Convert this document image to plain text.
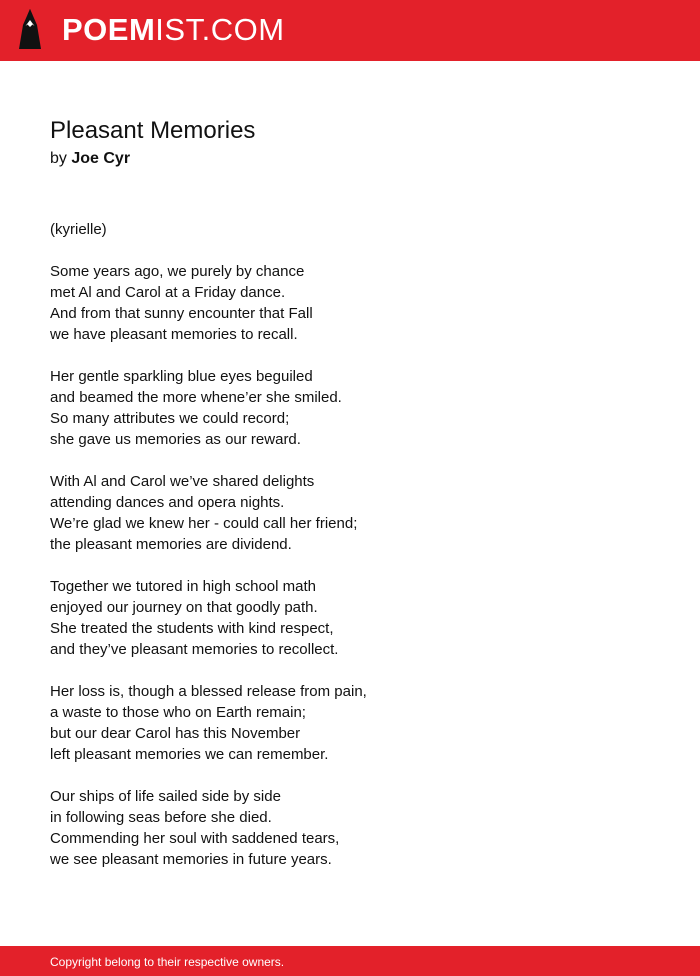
POEMIST.COM
Pleasant Memories
by Joe Cyr
(kyrielle)
Some years ago, we purely by chance
met Al and Carol at a Friday dance.
And from that sunny encounter that Fall
we have pleasant memories to recall.
Her gentle sparkling blue eyes beguiled
and beamed the more whene’er she smiled.
So many attributes we could record;
she gave us memories as our reward.
With Al and Carol we’ve shared delights
attending dances and opera nights.
We’re glad we knew her - could call her friend;
the pleasant memories are dividend.
Together we tutored in high school math
enjoyed our journey on that goodly path.
She treated the students with kind respect,
and they’ve pleasant memories to recollect.
Her loss is, though a blessed release from pain,
a waste to those who on Earth remain;
but our dear Carol has this November
left pleasant memories we can remember.
Our ships of life sailed side by side
in following seas before she died.
Commending her soul with saddened tears,
we see pleasant memories in future years.
Copyright belong to their respective owners.
